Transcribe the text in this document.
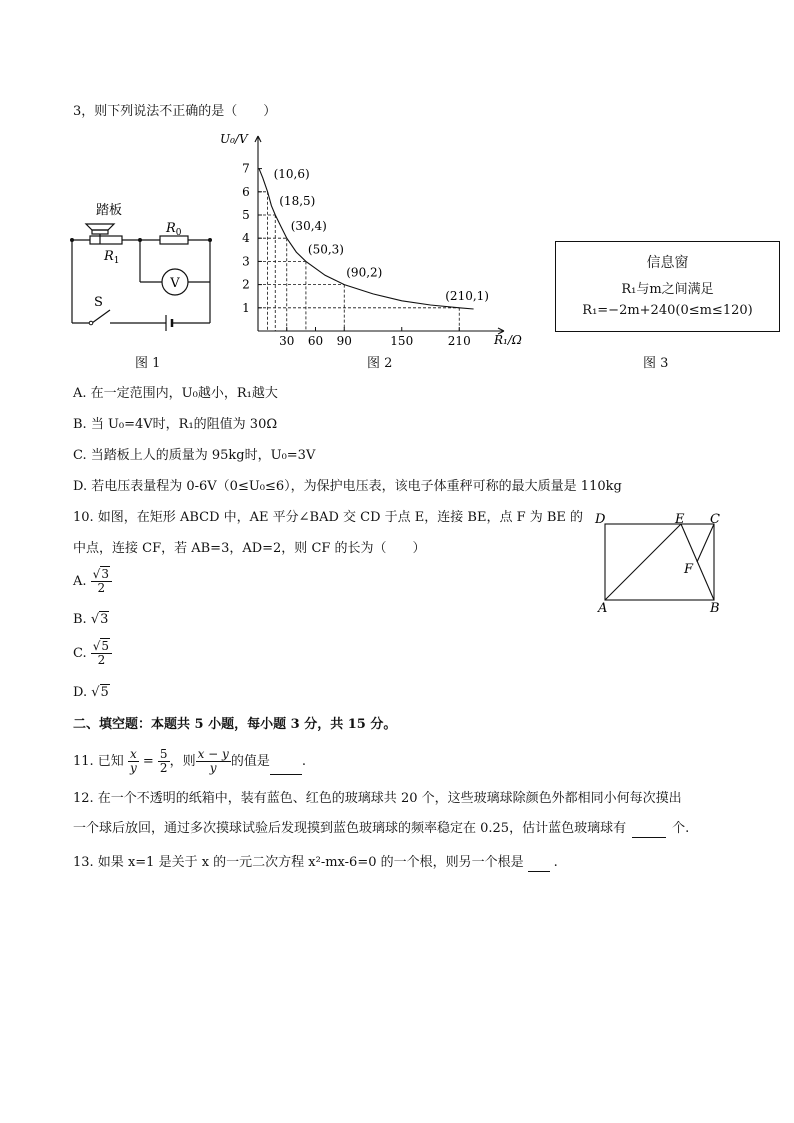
3，则下列说法不正确的是（　　）
踏板
$R_1$
$R_0$
V
S
图 1
U₀/V
R₁/Ω
1
2
3
4
5
6
7
30 60 90	150	210
(10,6)
(18,5)
(30,4)
(50,3)
(90,2)
(210,1)
图 2
信息窗
R₁与m之间满足
R₁=−2m+240(0≤m≤120)
图 3
A. 在一定范围内，U₀越小，R₁越大
B. 当 U₀=4V时，R₁的阻值为 30Ω
C. 当踏板上人的质量为 95kg时，U₀=3V
D. 若电压表量程为 0-6V（0≤U₀≤6），为保护电压表，该电子体重秤可称的最大质量是 110kg
10. 如图，在矩形 ABCD 中，AE 平分∠BAD 交 CD 于点 E，连接 BE，点 F 为 BE 的
中点，连接 CF，若 AB=3，AD=2，则 CF 的长为（　　）
A. $\frac{√3}{2}$
B. √3
C. $\frac{√5}{2}$
D. √5
D	E C
F
A	B
二、填空题：本题共 5 小题，每小题 3 分，共 15 分。
11. 已知 $\frac{x}{y} = \frac{5}{2}$ ，则 $\frac{x - y}{y}$ 的值是 .
12. 在一个不透明的纸箱中，装有蓝色、红色的玻璃球共 20 个，这些玻璃球除颜色外都相同小何每次摸出
一个球后放回，通过多次摸球试验后发现摸到蓝色玻璃球的频率稳定在 0.25，估计蓝色玻璃球有	个.
13. 如果 x=1 是关于 x 的一元二次方程 x²-mx-6=0 的一个根，则另一个根是 .
